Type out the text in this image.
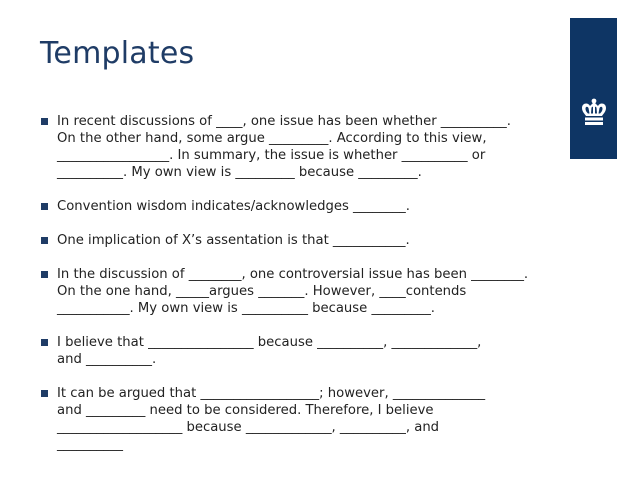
Templates
In recent discussions of ____, one issue has been whether __________.
On the other hand, some argue _________. According to this view,
_________________. In summary, the issue is whether __________ or
__________. My own view is _________ because _________.
Convention wisdom indicates/acknowledges ________.
One implication of X’s assentation is that ___________.
In the discussion of ________, one controversial issue has been ________.
On the one hand, _____argues _______. However, ____contends
___________. My own view is __________ because _________.
I believe that ________________ because __________, _____________,
and __________.
It can be argued that __________________; however, ______________
and _________ need to be considered. Therefore, I believe
___________________ because _____________, __________, and
__________
